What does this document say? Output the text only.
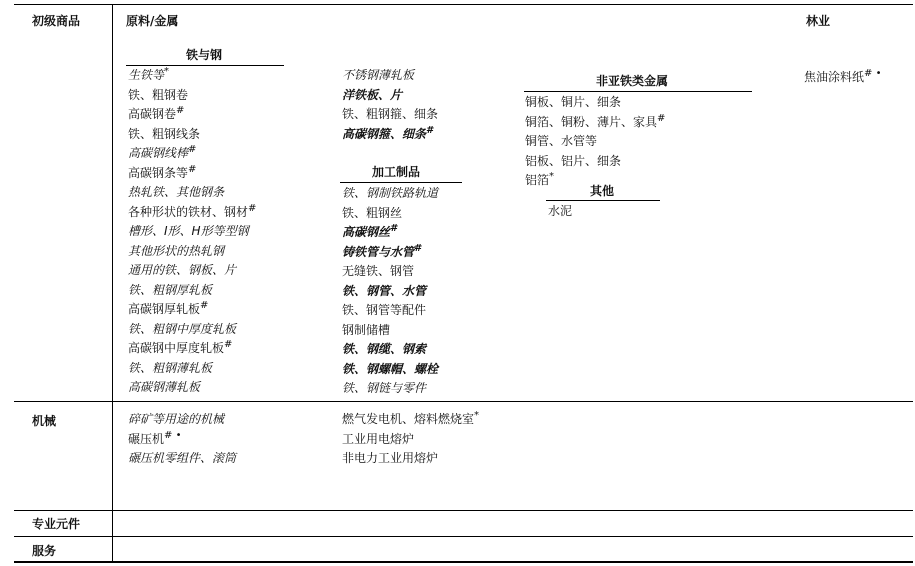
初级商品
机械
专业元件
服务
原料/金属	林业
铁与钢
加工制品
非亚铁类金属
其他
生铁等*
铁、粗钢卷
高碳钢卷#
铁、粗钢线条
高碳钢线棒#
高碳钢条等#
热轧铁、其他钢条
各种形状的铁材、钢材#
槽形、I形、H形等型钢
其他形状的热轧钢
通用的铁、钢板、片
铁、粗钢厚轧板
高碳钢厚轧板#
铁、粗钢中厚度轧板
高碳钢中厚度轧板#
铁、粗钢薄轧板
高碳钢薄轧板
不锈钢薄轧板
洋铁板、片
铁、粗钢箍、细条
高碳钢箍、细条#
铁、钢制铁路轨道
铁、粗钢丝
高碳钢丝#
铸铁管与水管#
无缝铁、钢管
铁、钢管、水管
铁、钢管等配件
钢制储槽
铁、钢缆、钢索
铁、钢螺帽、螺栓
铁、钢链与零件
铜板、铜片、细条
铜箔、铜粉、薄片、家具#
铜管、水管等
铝板、铝片、细条
铝箔*
水泥
焦油涂料纸# •
碎矿等用途的机械
碾压机# •
碾压机零组件、滚筒
燃气发电机、熔料燃烧室*
工业用电熔炉
非电力工业用熔炉
